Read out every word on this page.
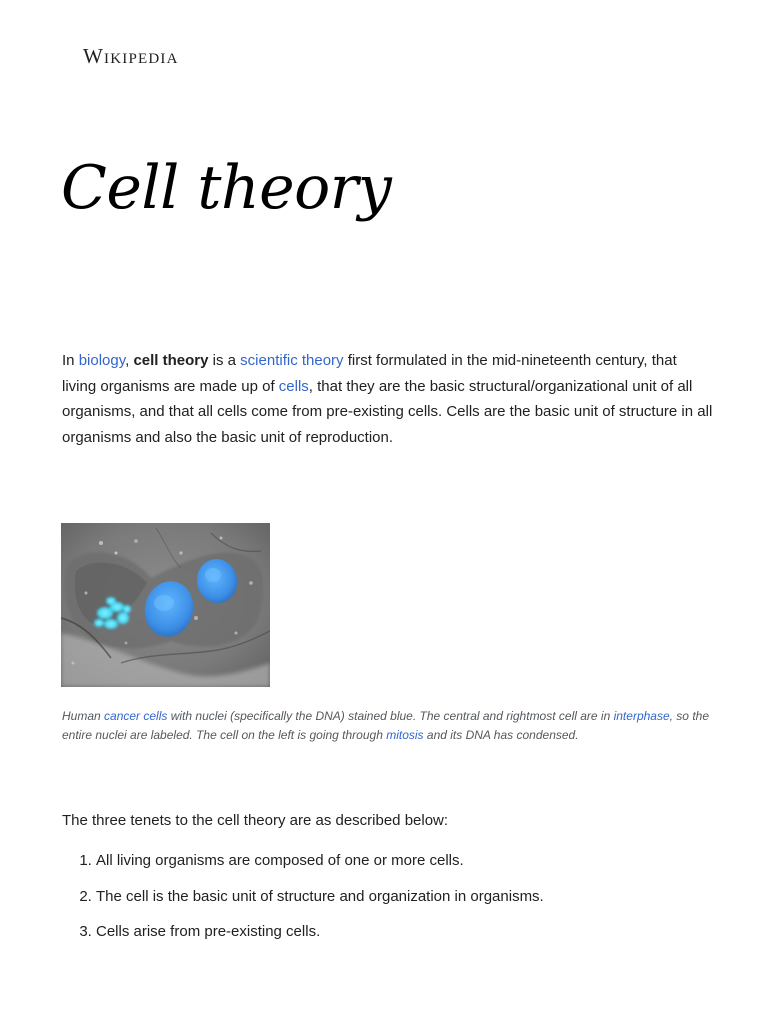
Wikipedia
Cell theory

In biology, cell theory is a scientific theory first formulated in the mid-nineteenth century, that living organisms are made up of cells, that they are the basic structural/organizational unit of all organisms, and that all cells come from pre-existing cells. Cells are the basic unit of structure in all organisms and also the basic unit of reproduction.

Human cancer cells with nuclei (specifically the DNA) stained blue. The central and rightmost cell are in interphase, so the entire nuclei are labeled. The cell on the left is going through mitosis and its DNA has condensed.

The three tenets to the cell theory are as described below:

1. All living organisms are composed of one or more cells.
2. The cell is the basic unit of structure and organization in organisms.
3. Cells arise from pre-existing cells.
